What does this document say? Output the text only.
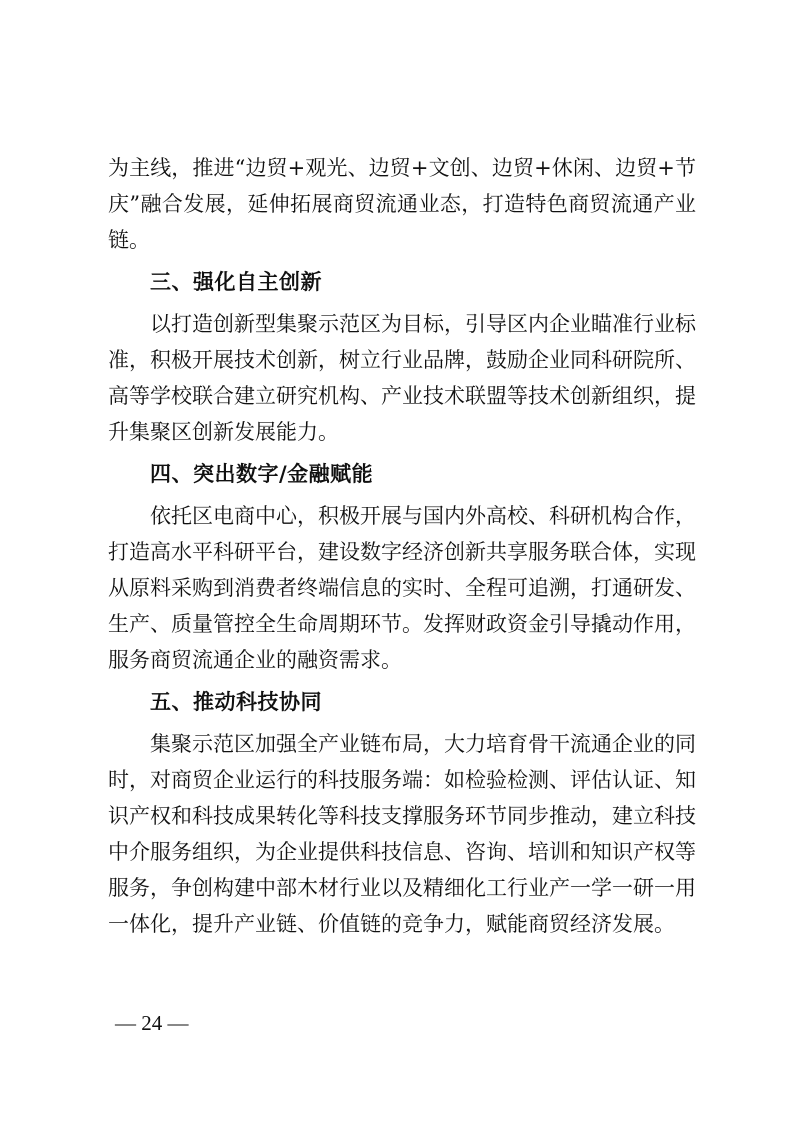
为主线，推进“边贸+观光、边贸+文创、边贸+休闲、边贸+节庆”融合发展，延伸拓展商贸流通业态，打造特色商贸流通产业链。

三、强化自主创新

以打造创新型集聚示范区为目标，引导区内企业瞄准行业标准，积极开展技术创新，树立行业品牌，鼓励企业同科研院所、高等学校联合建立研究机构、产业技术联盟等技术创新组织，提升集聚区创新发展能力。

四、突出数字/金融赋能

依托区电商中心，积极开展与国内外高校、科研机构合作，打造高水平科研平台，建设数字经济创新共享服务联合体，实现从原料采购到消费者终端信息的实时、全程可追溯，打通研发、生产、质量管控全生命周期环节。发挥财政资金引导撬动作用，服务商贸流通企业的融资需求。

五、推动科技协同

集聚示范区加强全产业链布局，大力培育骨干流通企业的同时，对商贸企业运行的科技服务端：如检验检测、评估认证、知识产权和科技成果转化等科技支撑服务环节同步推动，建立科技中介服务组织，为企业提供科技信息、咨询、培训和知识产权等服务，争创构建中部木材行业以及精细化工行业产一学一研一用一体化，提升产业链、价值链的竞争力，赋能商贸经济发展。

— 24 —
